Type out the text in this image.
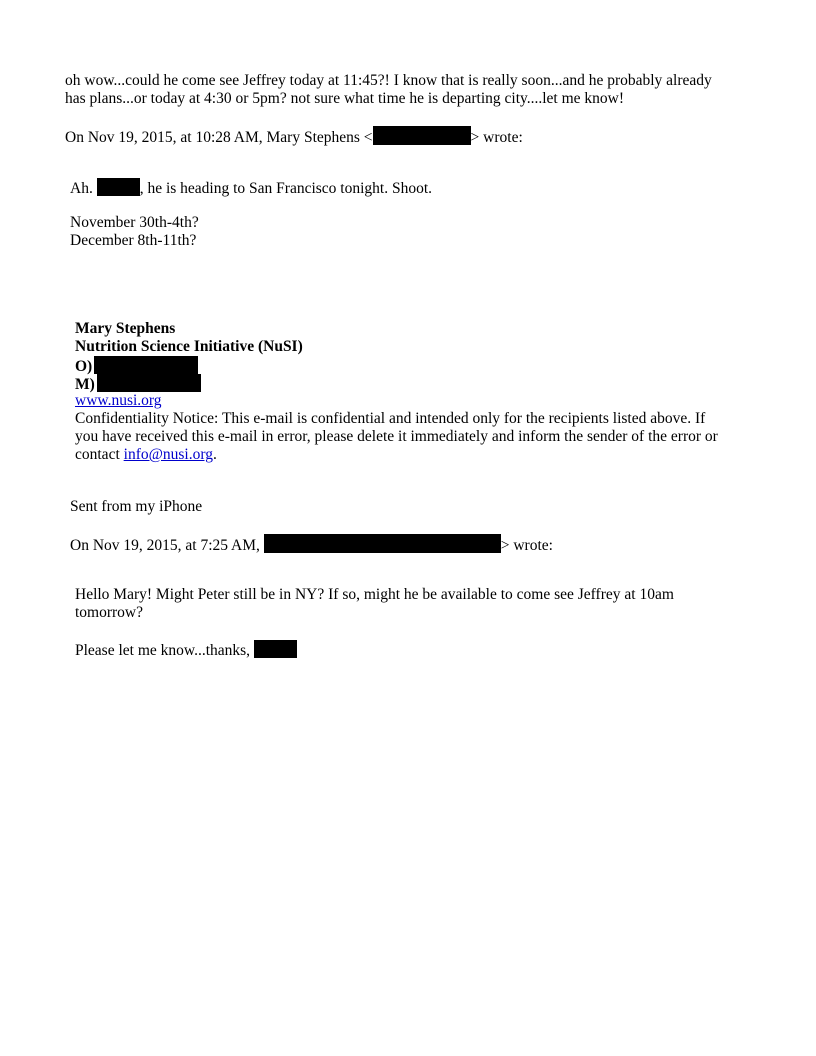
oh wow...could he come see Jeffrey today at 11:45?! I know that is really soon...and he probably already
has plans...or today at 4:30 or 5pm? not sure what time he is departing city....let me know!
On Nov 19, 2015, at 10:28 AM, Mary Stephens <	> wrote:
Ah.	, he is heading to San Francisco tonight. Shoot.
November 30th-4th?
December 8th-11th?
Mary Stephens
Nutrition Science Initiative (NuSI)
O)
M)
www.nusi.org
Confidentiality Notice: This e-mail is confidential and intended only for the recipients listed above. If
you have received this e-mail in error, please delete it immediately and inform the sender of the error or
contact info@nusi.org.
Sent from my iPhone
On Nov 19, 2015, at 7:25 AM,	> wrote:
Hello Mary! Might Peter still be in NY? If so, might he be available to come see Jeffrey at 10am
tomorrow?
Please let me know...thanks,
